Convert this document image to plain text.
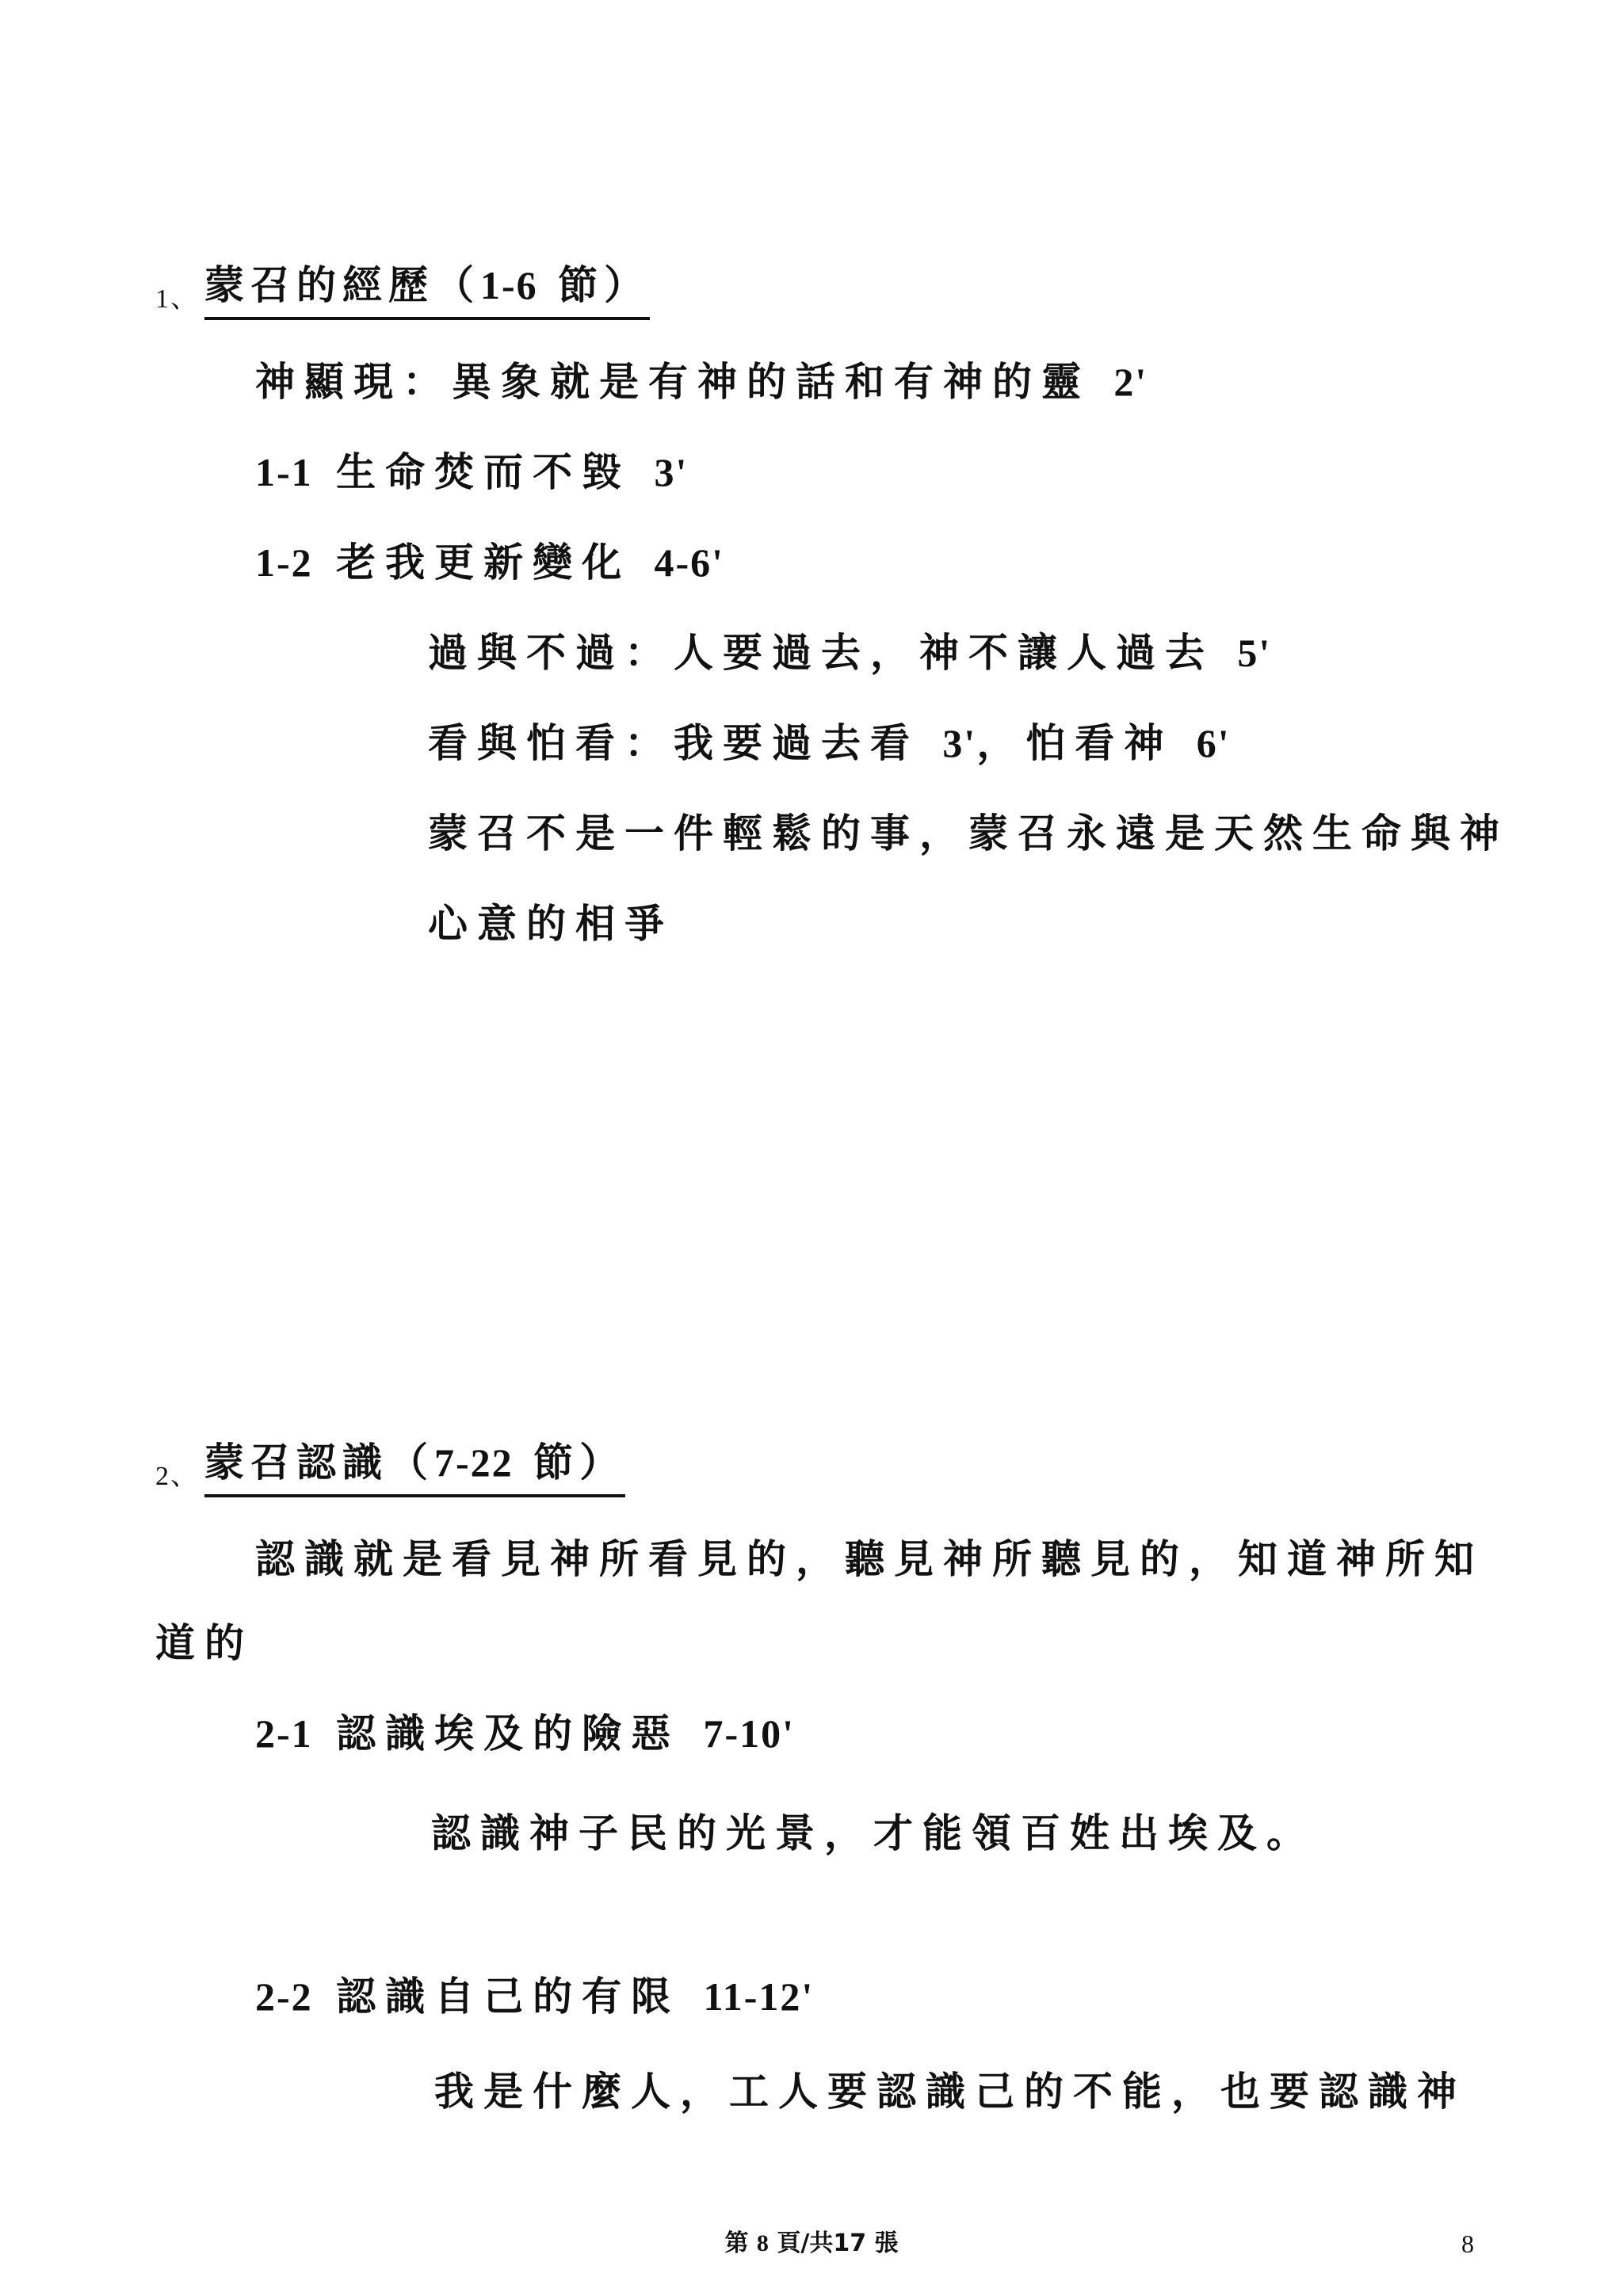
1、 蒙召的經歷（1-6 節）
神顯現：異象就是有神的話和有神的靈 2'
1-1 生命焚而不毀 3'
1-2 老我更新變化 4-6'
過與不過：人要過去，神不讓人過去 5'
看與怕看：我要過去看 3'，怕看神 6'
蒙召不是一件輕鬆的事，蒙召永遠是天然生命與神
心意的相爭
2、 蒙召認識（7-22 節）
認識就是看見神所看見的，聽見神所聽見的，知道神所知
道的
2-1 認識埃及的險惡 7-10'
認識神子民的光景，才能領百姓出埃及。
2-2 認識自己的有限 11-12'
我是什麼人，工人要認識己的不能，也要認識神
第 8 頁/共17 張	8
